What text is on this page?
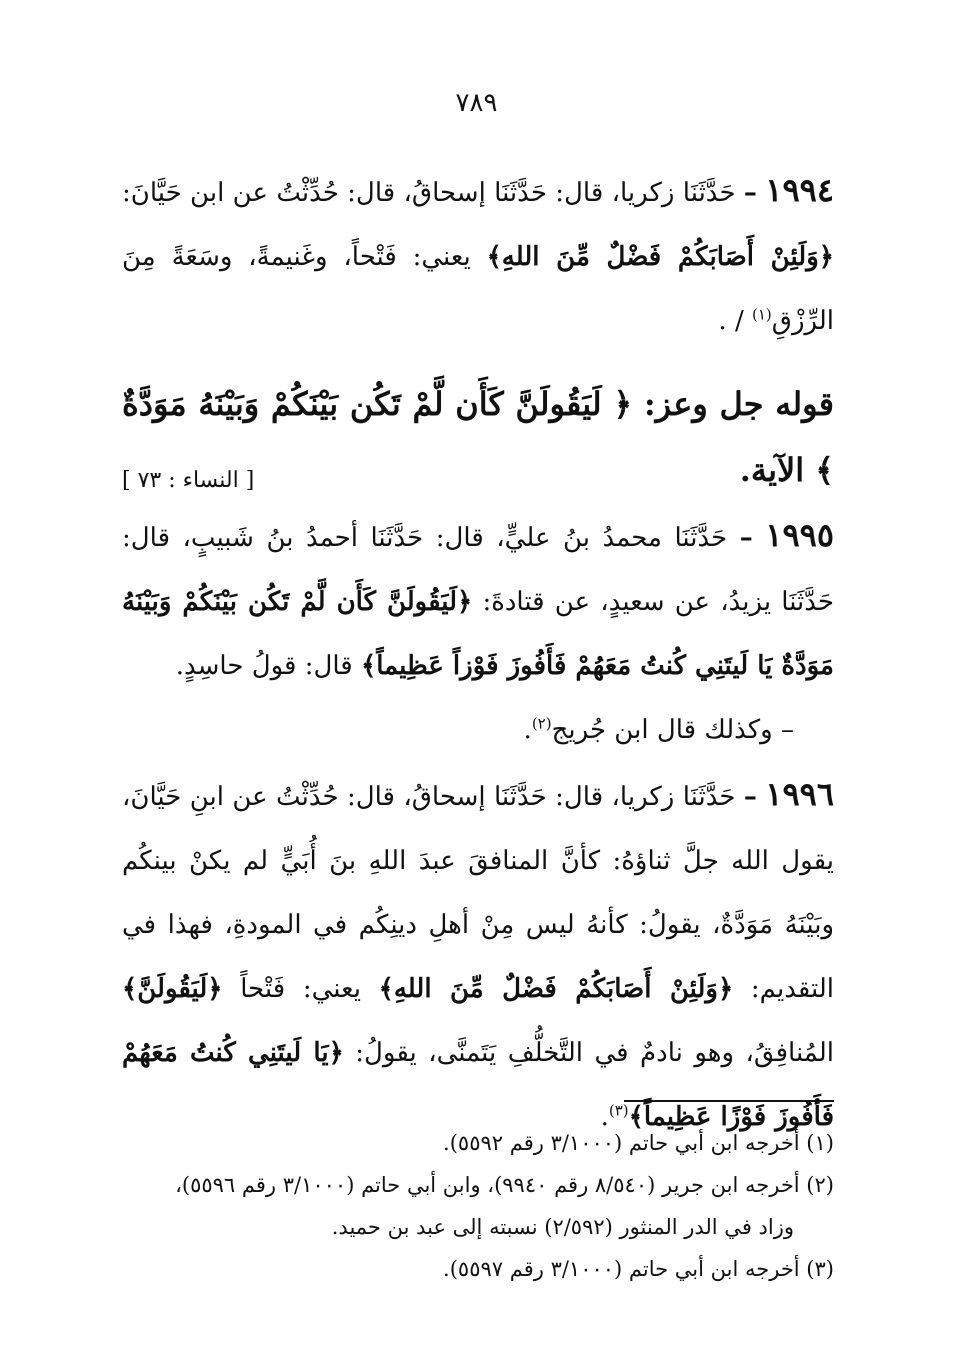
٧٨٩

١٩٩٤ – حَدَّثَنَا زكريا، قال: حَدَّثَنَا إسحاقُ، قال: حُدِّثْتُ عن ابن حَيَّانَ: ﴿وَلَئِنْ أَصَابَكُمْ فَضْلٌ مِّنَ اللهِ﴾ يعني: فَتْحاً، وغَنيمةً، وسَعَةً مِنَ الرِّزْقِ$^{(١)}$ / .

قوله جل وعز: ﴿ لَيَقُولَنَّ كَأَن لَّمْ تَكُن بَيْنَكُمْ وَبَيْنَهُ مَوَدَّةٌ ﴾ الآية.

[ النساء : ٧٣ ]

١٩٩٥ – حَدَّثَنَا محمدُ بنُ عليٍّ، قال: حَدَّثَنَا أحمدُ بنُ شَبيبٍ، قال: حَدَّثَنَا يزيدُ، عن سعيدٍ، عن قتادةَ: ﴿لَيَقُولَنَّ كَأَن لَّمْ تَكُن بَيْنَكُمْ وَبَيْنَهُ مَوَدَّةٌ يَا لَيتَنِي كُنتُ مَعَهُمْ فَأَفُوزَ فَوْزاً عَظِيماً﴾ قال: قولُ حاسِدٍ.

– وكذلك قال ابن جُريج$^{(٢)}$.

١٩٩٦ – حَدَّثَنَا زكريا، قال: حَدَّثَنَا إسحاقُ، قال: حُدِّثْتُ عن ابنِ حَيَّانَ، يقول الله جلَّ ثناؤهُ: كأنَّ المنافقَ عبدَ اللهِ بنَ أُبَيٍّ لم يكنْ بينكُم وبَيْنَهُ مَوَدَّةٌ، يقولُ: كأنهُ ليس مِنْ أهلِ دينِكُم في المودةِ، فهذا في التقديم: ﴿وَلَئِنْ أَصَابَكُمْ فَضْلٌ مِّنَ اللهِ﴾ يعني: فَتْحاً ﴿لَيَقُولَنَّ﴾ المُنافِقُ، وهو نادمٌ في التَّخلُّفِ يَتَمنَّى، يقولُ: ﴿يَا لَيتَنِي كُنتُ مَعَهُمْ فَأَفُوزَ فَوْزًا عَظِيماً﴾$^{(٣)}$.

(١) أخرجه ابن أبي حاتم (٣/١٠٠٠ رقم ٥٥٩٢).

(٢) أخرجه ابن جرير (٨/٥٤٠ رقم ٩٩٤٠)، وابن أبي حاتم (٣/١٠٠٠ رقم ٥٥٩٦)،

وزاد في الدر المنثور (٢/٥٩٢) نسبته إلى عبد بن حميد.

(٣) أخرجه ابن أبي حاتم (٣/١٠٠٠ رقم ٥٥٩٧).
